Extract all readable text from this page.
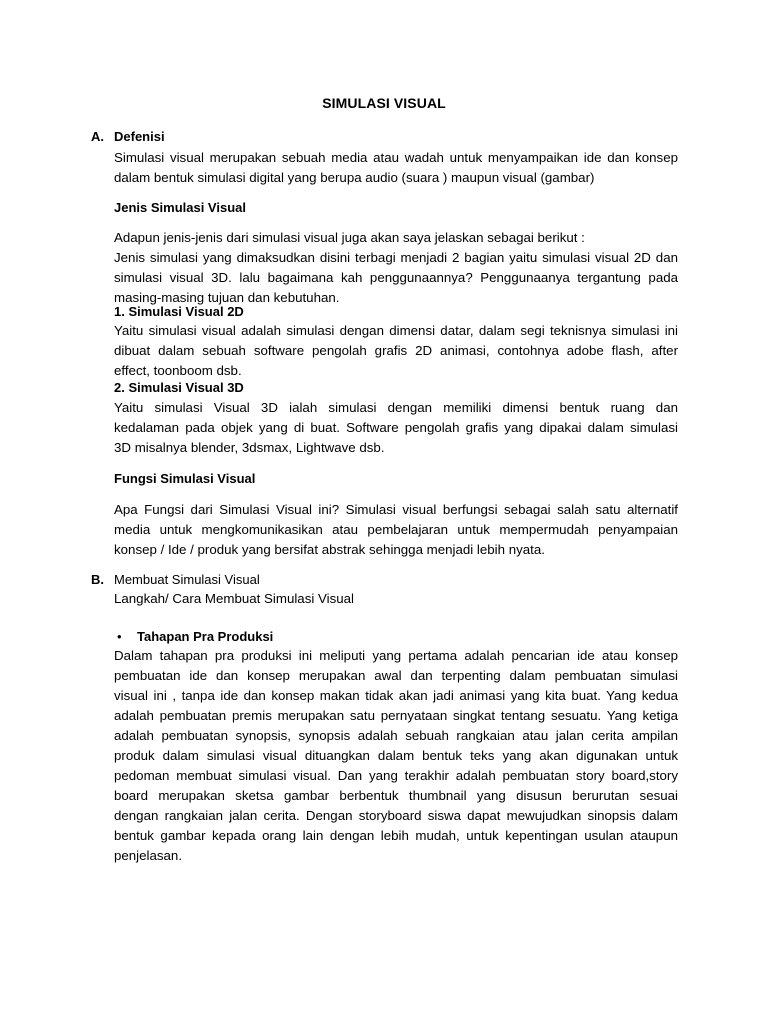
SIMULASI VISUAL
A. Defenisi
Simulasi visual merupakan sebuah media atau wadah untuk menyampaikan ide dan konsep
dalam bentuk simulasi digital yang berupa audio (suara ) maupun visual (gambar)
Jenis Simulasi Visual
Adapun jenis-jenis dari simulasi visual juga akan saya jelaskan sebagai berikut :
Jenis simulasi yang dimaksudkan disini terbagi menjadi 2 bagian yaitu simulasi visual 2D dan
simulasi visual 3D. lalu bagaimana kah penggunaannya? Penggunaanya tergantung pada
masing-masing tujuan dan kebutuhan.
1. Simulasi Visual 2D
Yaitu simulasi visual adalah simulasi dengan dimensi datar, dalam segi teknisnya simulasi ini
dibuat dalam sebuah software pengolah grafis 2D animasi, contohnya adobe flash, after
effect, toonboom dsb.
2. Simulasi Visual 3D
Yaitu simulasi Visual 3D ialah simulasi dengan memiliki dimensi bentuk ruang dan
kedalaman pada objek yang di buat. Software pengolah grafis yang dipakai dalam simulasi
3D misalnya blender, 3dsmax, Lightwave dsb.
Fungsi Simulasi Visual
Apa Fungsi dari Simulasi Visual ini? Simulasi visual berfungsi sebagai salah satu alternatif
media untuk mengkomunikasikan atau pembelajaran untuk mempermudah penyampaian
konsep / Ide / produk yang bersifat abstrak sehingga menjadi lebih nyata.
B. Membuat Simulasi Visual
Langkah/ Cara Membuat Simulasi Visual
• Tahapan Pra Produksi
Dalam tahapan pra produksi ini meliputi yang pertama adalah pencarian ide atau konsep
pembuatan ide dan konsep merupakan awal dan terpenting dalam pembuatan simulasi
visual ini , tanpa ide dan konsep makan tidak akan jadi animasi yang kita buat. Yang kedua
adalah pembuatan premis merupakan satu pernyataan singkat tentang sesuatu. Yang ketiga
adalah pembuatan synopsis, synopsis adalah sebuah rangkaian atau jalan cerita ampilan
produk dalam simulasi visual dituangkan dalam bentuk teks yang akan digunakan untuk
pedoman membuat simulasi visual. Dan yang terakhir adalah pembuatan story board,story
board merupakan sketsa gambar berbentuk thumbnail yang disusun berurutan sesuai
dengan rangkaian jalan cerita. Dengan storyboard siswa dapat mewujudkan sinopsis dalam
bentuk gambar kepada orang lain dengan lebih mudah, untuk kepentingan usulan ataupun
penjelasan.
